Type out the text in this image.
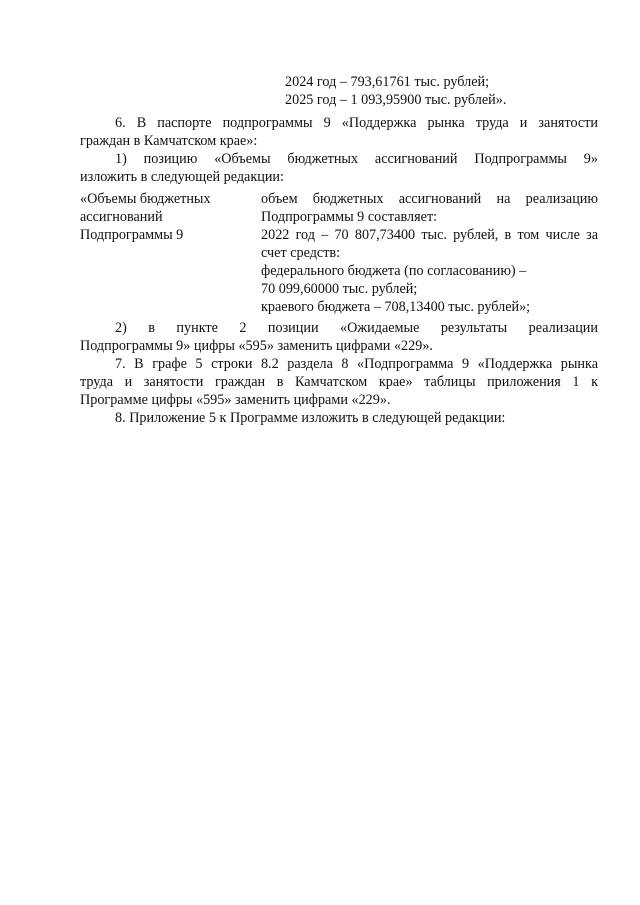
2024 год – 793,61761 тыс. рублей;
2025 год – 1 093,95900 тыс. рублей».
6. В паспорте подпрограммы 9 «Поддержка рынка труда и занятости
граждан в Камчатском крае»:
1) позицию «Объемы бюджетных ассигнований Подпрограммы 9»
изложить в следующей редакции:
«Объемы бюджетных
ассигнований
Подпрограммы 9
объем бюджетных ассигнований на реализацию
Подпрограммы 9 составляет:
2022 год – 70 807,73400 тыс. рублей, в том числе за
счет средств:
федерального бюджета (по согласованию) –
70 099,60000 тыс. рублей;
краевого бюджета – 708,13400 тыс. рублей»;
2) в пункте 2 позиции «Ожидаемые результаты реализации
Подпрограммы 9» цифры «595» заменить цифрами «229».
7. В графе 5 строки 8.2 раздела 8 «Подпрограмма 9 «Поддержка рынка
труда и занятости граждан в Камчатском крае» таблицы приложения 1 к
Программе цифры «595» заменить цифрами «229».
8. Приложение 5 к Программе изложить в следующей редакции:
